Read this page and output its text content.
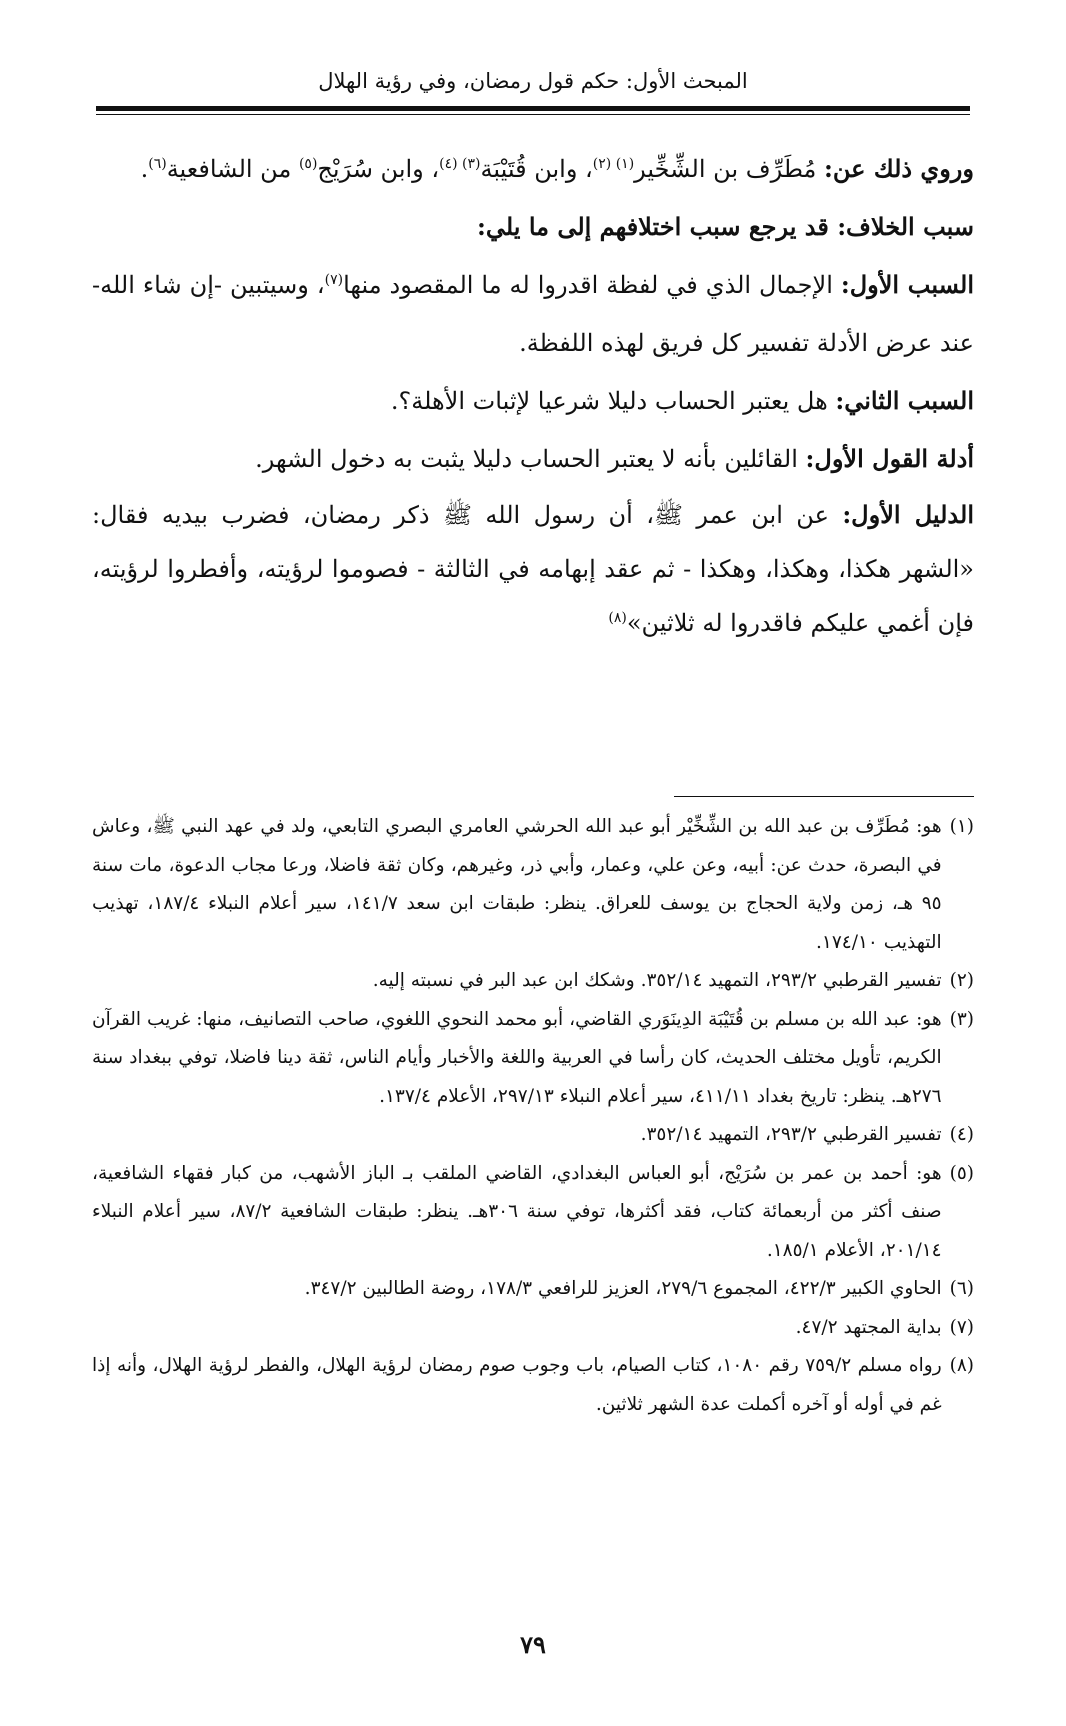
المبحث الأول: حكم قول رمضان، وفي رؤية الهلال

وروي ذلك عن: مُطَرِّف بن الشِّخِّير$^{(١) (٢)}$، وابن قُتَيْبَة$^{(٣) (٤)}$، وابن سُرَيْج$^{(٥)}$ من الشافعية$^{(٦)}$.

سبب الخلاف: قد يرجع سبب اختلافهم إلى ما يلي:

السبب الأول: الإجمال الذي في لفظة اقدروا له ما المقصود منها$^{(٧)}$، وسيتبين -إن شاء الله- عند عرض الأدلة تفسير كل فريق لهذه اللفظة.

السبب الثاني: هل يعتبر الحساب دليلا شرعيا لإثبات الأهلة؟.

أدلة القول الأول: القائلين بأنه لا يعتبر الحساب دليلا يثبت به دخول الشهر.

الدليل الأول: عن ابن عمر ﷺ، أن رسول الله ﷺ ذكر رمضان، فضرب بيديه فقال: «الشهر هكذا، وهكذا، وهكذا - ثم عقد إبهامه في الثالثة - فصوموا لرؤيته، وأفطروا لرؤيته، فإن أغمي عليكم فاقدروا له ثلاثين»$^{(٨)}$

(١)
هو: مُطَرِّف بن عبد الله بن الشِّخِّيْر أبو عبد الله الحرشي العامري البصري التابعي، ولد في عهد النبي ﷺ، وعاش في البصرة، حدث عن: أبيه، وعن علي، وعمار، وأبي ذر، وغيرهم، وكان ثقة فاضلا، ورعا مجاب الدعوة، مات سنة ٩٥ هـ، زمن ولاية الحجاج بن يوسف للعراق. ينظر: طبقات ابن سعد ١٤١/٧، سير أعلام النبلاء ١٨٧/٤، تهذيب التهذيب ١٧٤/١٠.
(٢)
تفسير القرطبي ٢٩٣/٢، التمهيد ٣٥٢/١٤. وشكك ابن عبد البر في نسبته إليه.
(٣)
هو: عبد الله بن مسلم بن قُتَيْبَة الدِينَوَري القاضي، أبو محمد النحوي اللغوي، صاحب التصانيف، منها: غريب القرآن الكريم، تأويل مختلف الحديث، كان رأسا في العربية واللغة والأخبار وأيام الناس، ثقة دينا فاضلا، توفي ببغداد سنة ٢٧٦هـ. ينظر: تاريخ بغداد ٤١١/١١، سير أعلام النبلاء ٢٩٧/١٣، الأعلام ١٣٧/٤.
(٤)
تفسير القرطبي ٢٩٣/٢، التمهيد ٣٥٢/١٤.
(٥)
هو: أحمد بن عمر بن سُرَيْج، أبو العباس البغدادي، القاضي الملقب بـ الباز الأشهب، من كبار فقهاء الشافعية، صنف أكثر من أربعمائة كتاب، فقد أكثرها، توفي سنة ٣٠٦هـ. ينظر: طبقات الشافعية ٨٧/٢، سير أعلام النبلاء ٢٠١/١٤، الأعلام ١٨٥/١.
(٦)
الحاوي الكبير ٤٢٢/٣، المجموع ٢٧٩/٦، العزيز للرافعي ١٧٨/٣، روضة الطالبين ٣٤٧/٢.
(٧)
بداية المجتهد ٤٧/٢.
(٨)
رواه مسلم ٧٥٩/٢ رقم ١٠٨٠، كتاب الصيام، باب وجوب صوم رمضان لرؤية الهلال، والفطر لرؤية الهلال، وأنه إذا غم في أوله أو آخره أكملت عدة الشهر ثلاثين.
٧٩
